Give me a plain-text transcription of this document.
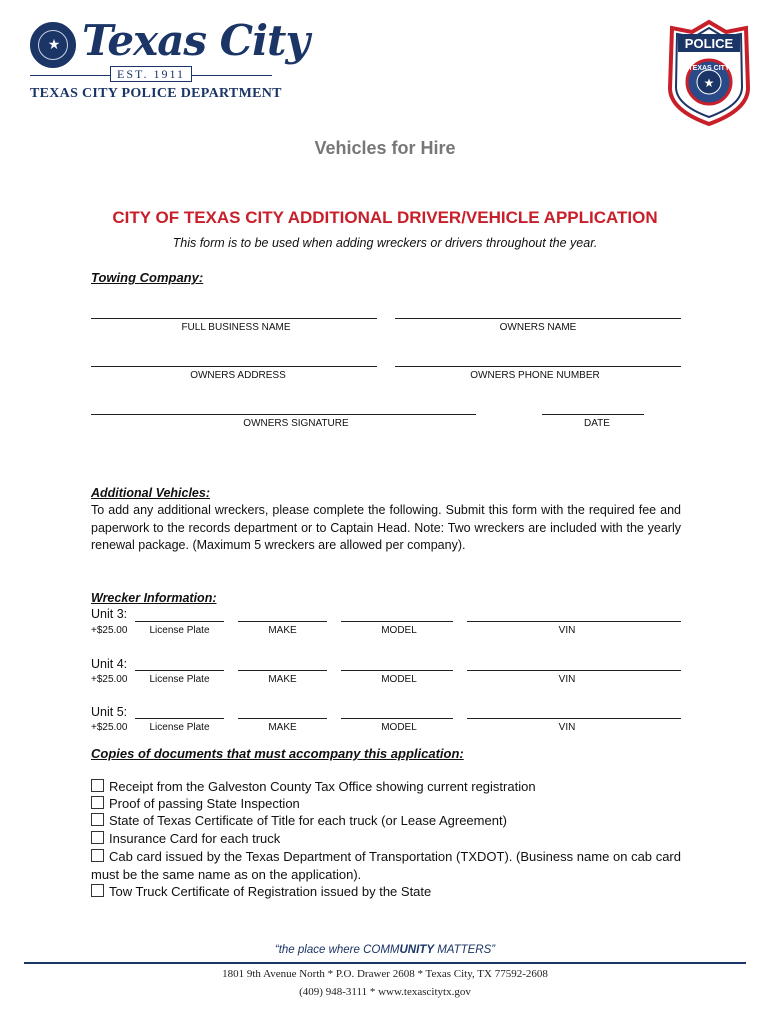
★ Texas City
EST. 1911
TEXAS CITY POLICE DEPARTMENT
POLICE
TEXAS CITY
★
Vehicles for Hire
CITY OF TEXAS CITY ADDITIONAL DRIVER/VEHICLE APPLICATION
This form is to be used when adding wreckers or drivers throughout the year.
Towing Company:
FULL BUSINESS NAME	OWNERS NAME
OWNERS ADDRESS	OWNERS PHONE NUMBER
OWNERS SIGNATURE	DATE
Additional Vehicles:
To add any additional wreckers, please complete the following. Submit this form with the required fee and paperwork to the records department or to Captain Head. Note: Two wreckers are included with the yearly renewal package. (Maximum 5 wreckers are allowed per company).
Wrecker Information:
Unit 3:
+$25.00	License Plate	MAKE	MODEL	VIN
Unit 4:
+$25.00	License Plate	MAKE	MODEL	VIN
Unit 5:
+$25.00	License Plate	MAKE	MODEL	VIN
Copies of documents that must accompany this application:
Receipt from the Galveston County Tax Office showing current registration
Proof of passing State Inspection
State of Texas Certificate of Title for each truck (or Lease Agreement)
Insurance Card for each truck
Cab card issued by the Texas Department of Transportation (TXDOT). (Business name on cab card must be the same name as on the application).
Tow Truck Certificate of Registration issued by the State
“the place where COMMUNITY MATTERS”
1801 9th Avenue North * P.O. Drawer 2608 * Texas City, TX 77592-2608
(409) 948-3111 * www.texascitytx.gov
